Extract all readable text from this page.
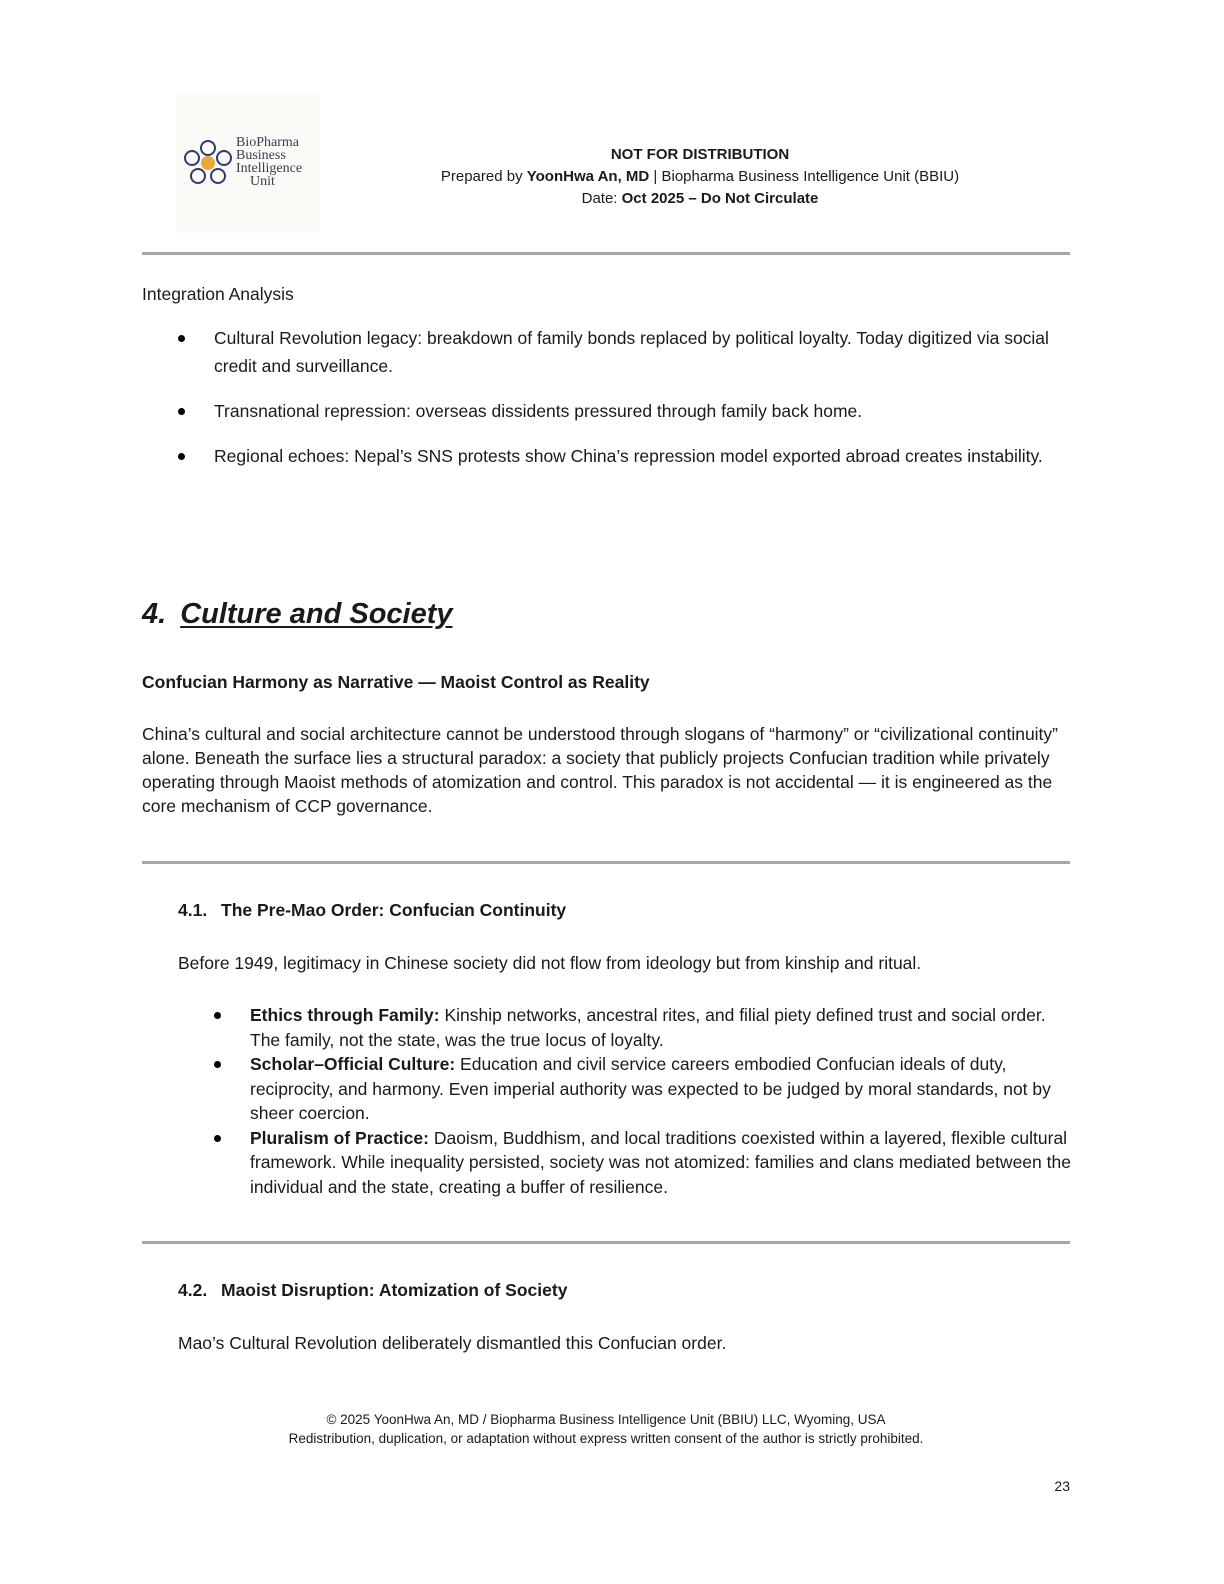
BioPharma
Business
Intelligence
Unit
NOT FOR DISTRIBUTION
Prepared by YoonHwa An, MD | Biopharma Business Intelligence Unit (BBIU)
Date: Oct 2025 – Do Not Circulate

Integration Analysis

Cultural Revolution legacy: breakdown of family bonds replaced by political loyalty. Today digitized via social credit and surveillance.
Transnational repression: overseas dissidents pressured through family back home.
Regional echoes: Nepal’s SNS protests show China’s repression model exported abroad creates instability.
4. Culture and Society

Confucian Harmony as Narrative — Maoist Control as Reality

China’s cultural and social architecture cannot be understood through slogans of “harmony” or “civilizational continuity” alone. Beneath the surface lies a structural paradox: a society that publicly projects Confucian tradition while privately operating through Maoist methods of atomization and control. This paradox is not accidental — it is engineered as the core mechanism of CCP governance.

4.1. The Pre-Mao Order: Confucian Continuity

Before 1949, legitimacy in Chinese society did not flow from ideology but from kinship and ritual.

Ethics through Family: Kinship networks, ancestral rites, and filial piety defined trust and social order. The family, not the state, was the true locus of loyalty.
Scholar–Official Culture: Education and civil service careers embodied Confucian ideals of duty, reciprocity, and harmony. Even imperial authority was expected to be judged by moral standards, not by sheer coercion.
Pluralism of Practice: Daoism, Buddhism, and local traditions coexisted within a layered, flexible cultural framework. While inequality persisted, society was not atomized: families and clans mediated between the individual and the state, creating a buffer of resilience.

4.2. Maoist Disruption: Atomization of Society

Mao’s Cultural Revolution deliberately dismantled this Confucian order.

© 2025 YoonHwa An, MD / Biopharma Business Intelligence Unit (BBIU) LLC, Wyoming, USA
Redistribution, duplication, or adaptation without express written consent of the author is strictly prohibited.
23
